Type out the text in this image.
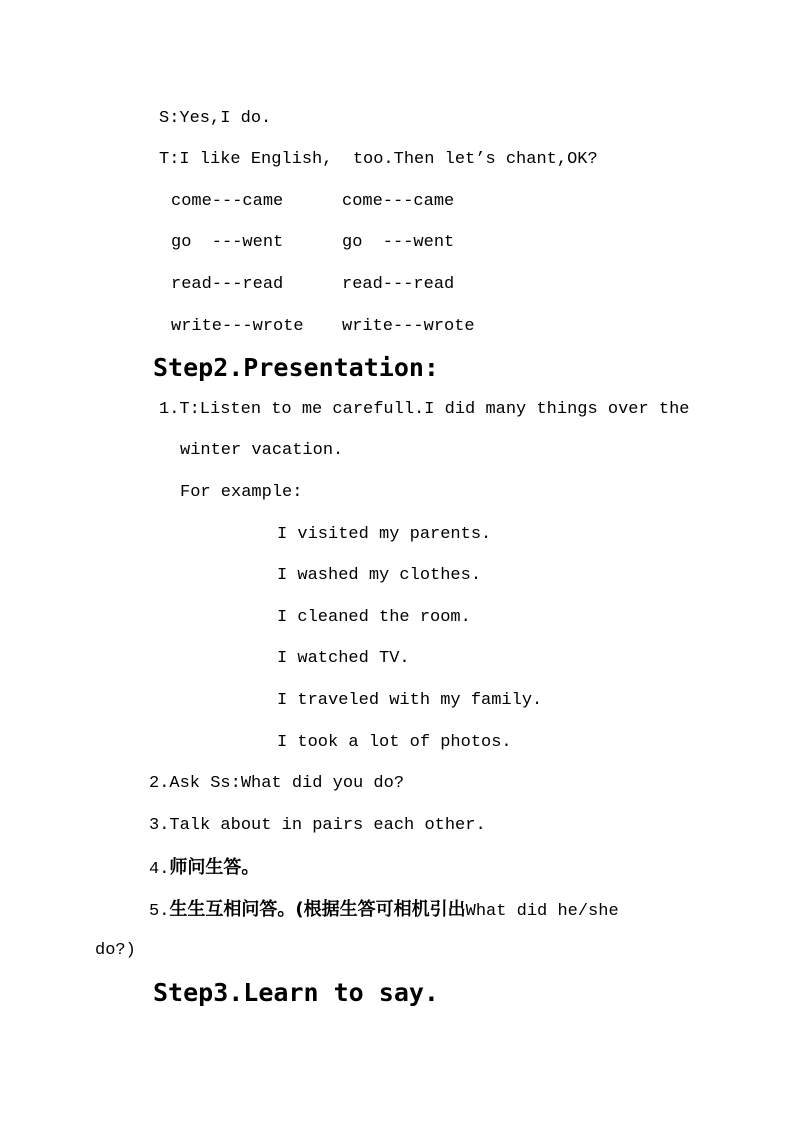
S:Yes,I do.
T:I like English,  too.Then let’s chant,OK?
come---came	come---came
go  ---went	go  ---went
read---read	read---read
write---wrote write---wrote
Step2.Presentation:
1.T:Listen to me carefull.I did many things over the
winter vacation.
For example:
I visited my parents.
I washed my clothes.
I cleaned the room.
I watched TV.
I traveled with my family.
I took a lot of photos.
2.Ask Ss:What did you do?
3.Talk about in pairs each other.
4.师问生答。
5.生生互相问答。(根据生答可相机引出What did he/she
do?)
Step3.Learn to say.
